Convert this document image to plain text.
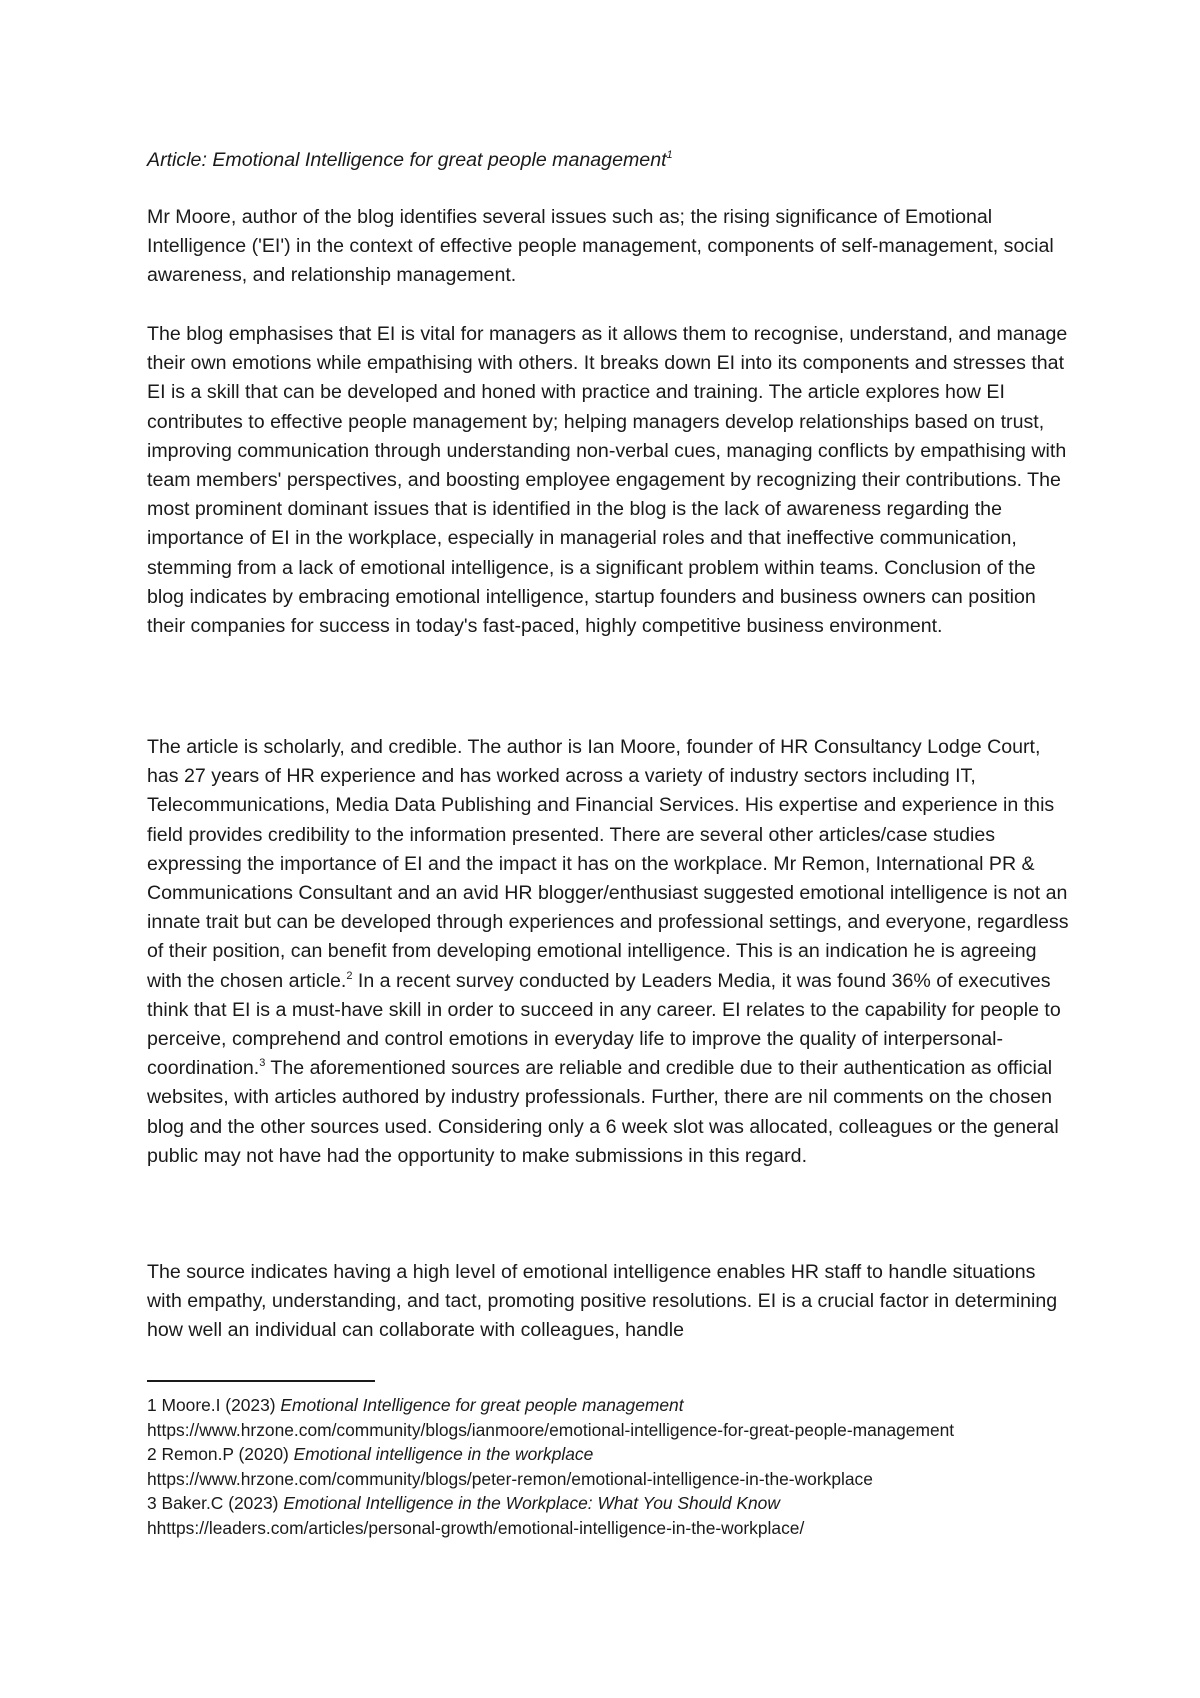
Article: Emotional Intelligence for great people management$^1$

Mr Moore, author of the blog identifies several issues such as; the rising significance of Emotional Intelligence ('EI') in the context of effective people management, components of self-management, social awareness, and relationship management.

The blog emphasises that EI is vital for managers as it allows them to recognise, understand, and manage their own emotions while empathising with others. It breaks down EI into its components and stresses that EI is a skill that can be developed and honed with practice and training. The article explores how EI contributes to effective people management by; helping managers develop relationships based on trust, improving communication through understanding non-verbal cues, managing conflicts by empathising with team members' perspectives, and boosting employee engagement by recognizing their contributions. The most prominent dominant issues that is identified in the blog is the lack of awareness regarding the importance of EI in the workplace, especially in managerial roles and that ineffective communication, stemming from a lack of emotional intelligence, is a significant problem within teams. Conclusion of the blog indicates by embracing emotional intelligence, startup founders and business owners can position their companies for success in today's fast-paced, highly competitive business environment.

The article is scholarly, and credible. The author is Ian Moore, founder of HR Consultancy Lodge Court, has 27 years of HR experience and has worked across a variety of industry sectors including IT, Telecommunications, Media Data Publishing and Financial Services. His expertise and experience in this field provides credibility to the information presented. There are several other articles/case studies expressing the importance of EI and the impact it has on the workplace. Mr Remon, International PR & Communications Consultant and an avid HR blogger/enthusiast suggested emotional intelligence is not an innate trait but can be developed through experiences and professional settings, and everyone, regardless of their position, can benefit from developing emotional intelligence. This is an indication he is agreeing with the chosen article.$^2$ In a recent survey conducted by Leaders Media, it was found 36% of executives think that EI is a must-have skill in order to succeed in any career. EI relates to the capability for people to perceive, comprehend and control emotions in everyday life to improve the quality of interpersonal-coordination.$^3$ The aforementioned sources are reliable and credible due to their authentication as official websites, with articles authored by industry professionals. Further, there are nil comments on the chosen blog and the other sources used. Considering only a 6 week slot was allocated, colleagues or the general public may not have had the opportunity to make submissions in this regard.

The source indicates having a high level of emotional intelligence enables HR staff to handle situations with empathy, understanding, and tact, promoting positive resolutions. EI is a crucial factor in determining how well an individual can collaborate with colleagues, handle

1 Moore.I (2023) Emotional Intelligence for great people management

https://www.hrzone.com/community/blogs/ianmoore/emotional-intelligence-for-great-people-management

2 Remon.P (2020) Emotional intelligence in the workplace

https://www.hrzone.com/community/blogs/peter-remon/emotional-intelligence-in-the-workplace

3 Baker.C (2023) Emotional Intelligence in the Workplace: What You Should Know

hhttps://leaders.com/articles/personal-growth/emotional-intelligence-in-the-workplace/
